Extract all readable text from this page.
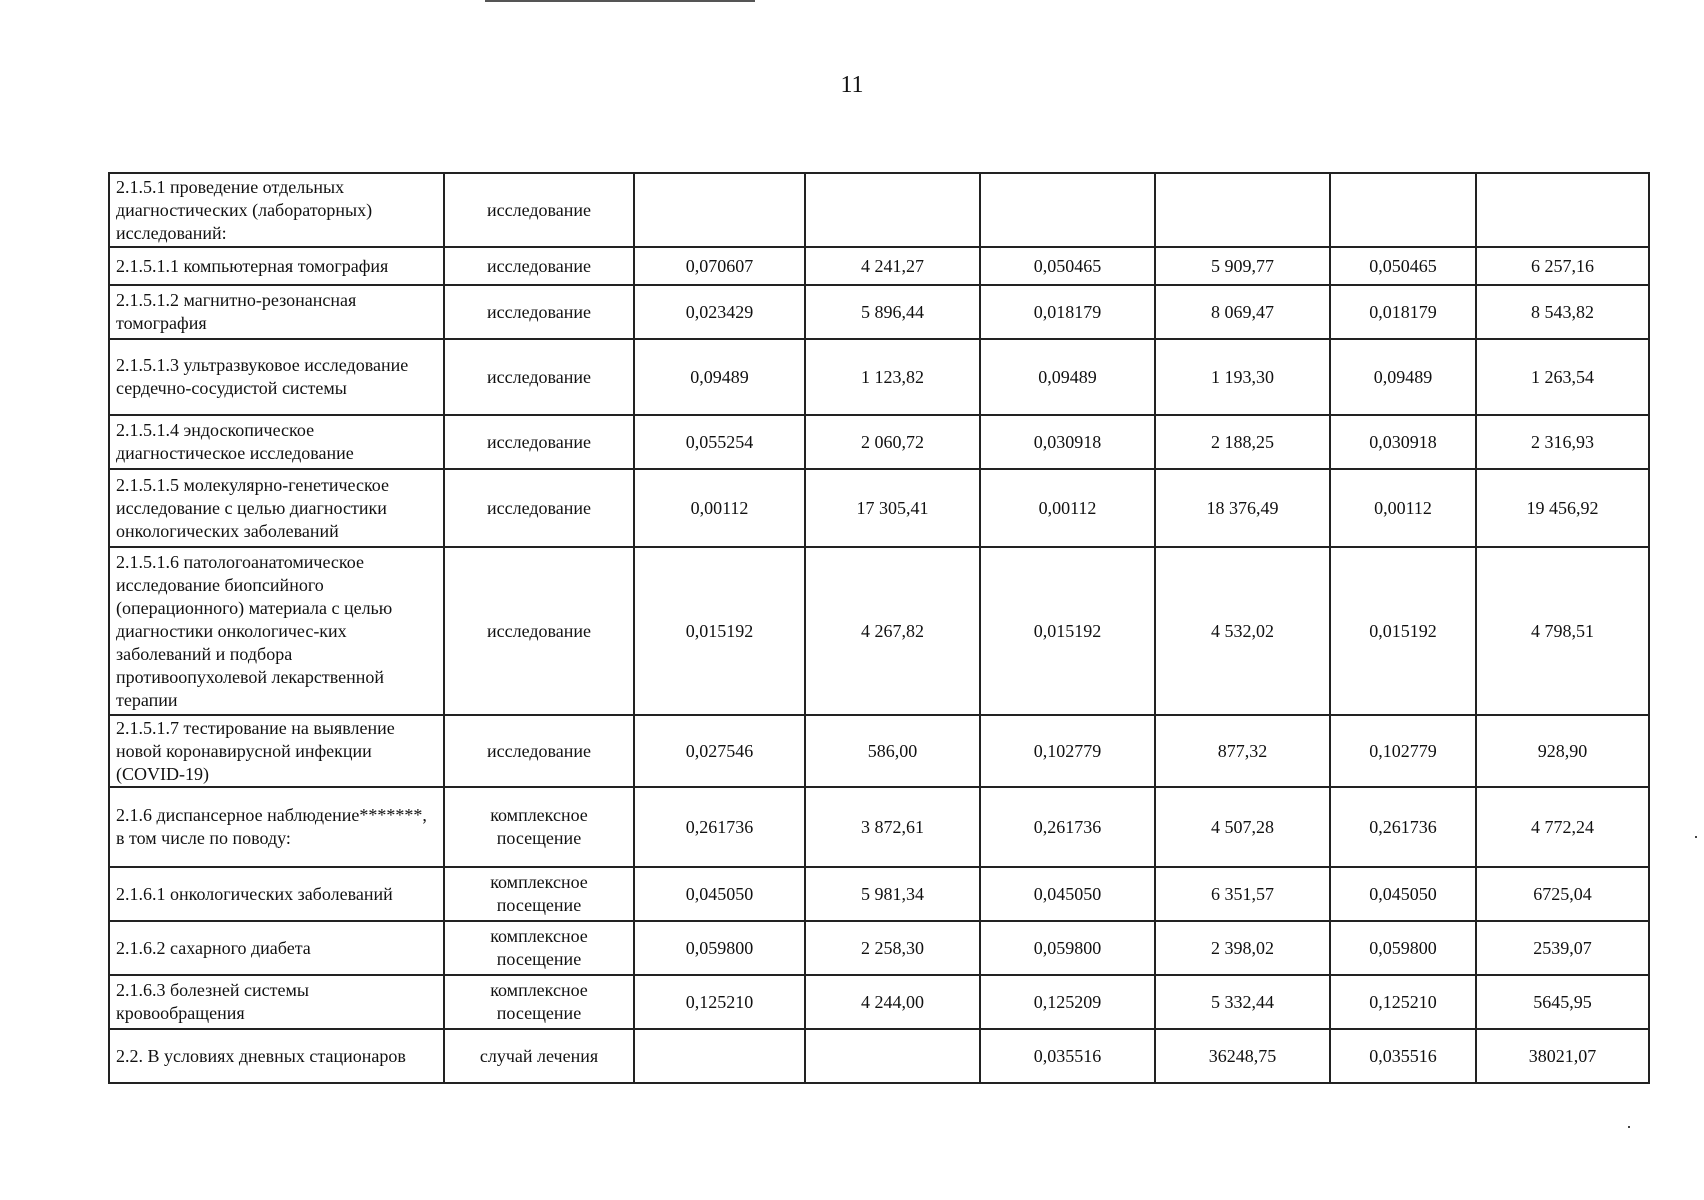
11
2.1.5.1 проведение отдельных диагностических (лабораторных) исследований:	исследование						
2.1.5.1.1 компьютерная томография	исследование	0,070607	4 241,27	0,050465	5 909,77	0,050465	6 257,16
2.1.5.1.2 магнитно-резонансная томография	исследование	0,023429	5 896,44	0,018179	8 069,47	0,018179	8 543,82
2.1.5.1.3 ультразвуковое исследование сердечно-сосудистой системы	исследование	0,09489	1 123,82	0,09489	1 193,30	0,09489	1 263,54
2.1.5.1.4 эндоскопическое диагностическое исследование	исследование	0,055254	2 060,72	0,030918	2 188,25	0,030918	2 316,93
2.1.5.1.5 молекулярно-генетическое исследование с целью диагностики онкологических заболеваний	исследование	0,00112	17 305,41	0,00112	18 376,49	0,00112	19 456,92
2.1.5.1.6 патологоанатомическое исследование биопсийного (операционного) материала с целью диагностики онкологичес-ких заболеваний и подбора противоопухолевой лекарственной терапии	исследование	0,015192	4 267,82	0,015192	4 532,02	0,015192	4 798,51
2.1.5.1.7 тестирование на выявление новой коронавирусной инфекции (COVID-19)	исследование	0,027546	586,00	0,102779	877,32	0,102779	928,90
2.1.6 диспансерное наблюдение*******, в том числе по поводу:	комплексное посещение	0,261736	3 872,61	0,261736	4 507,28	0,261736	4 772,24
2.1.6.1 онкологических заболеваний	комплексное посещение	0,045050	5 981,34	0,045050	6 351,57	0,045050	6725,04
2.1.6.2 сахарного диабета	комплексное посещение	0,059800	2 258,30	0,059800	2 398,02	0,059800	2539,07
2.1.6.3 болезней системы кровообращения	комплексное посещение	0,125210	4 244,00	0,125209	5 332,44	0,125210	5645,95
2.2. В условиях дневных стационаров	случай лечения			0,035516	36248,75	0,035516	38021,07
